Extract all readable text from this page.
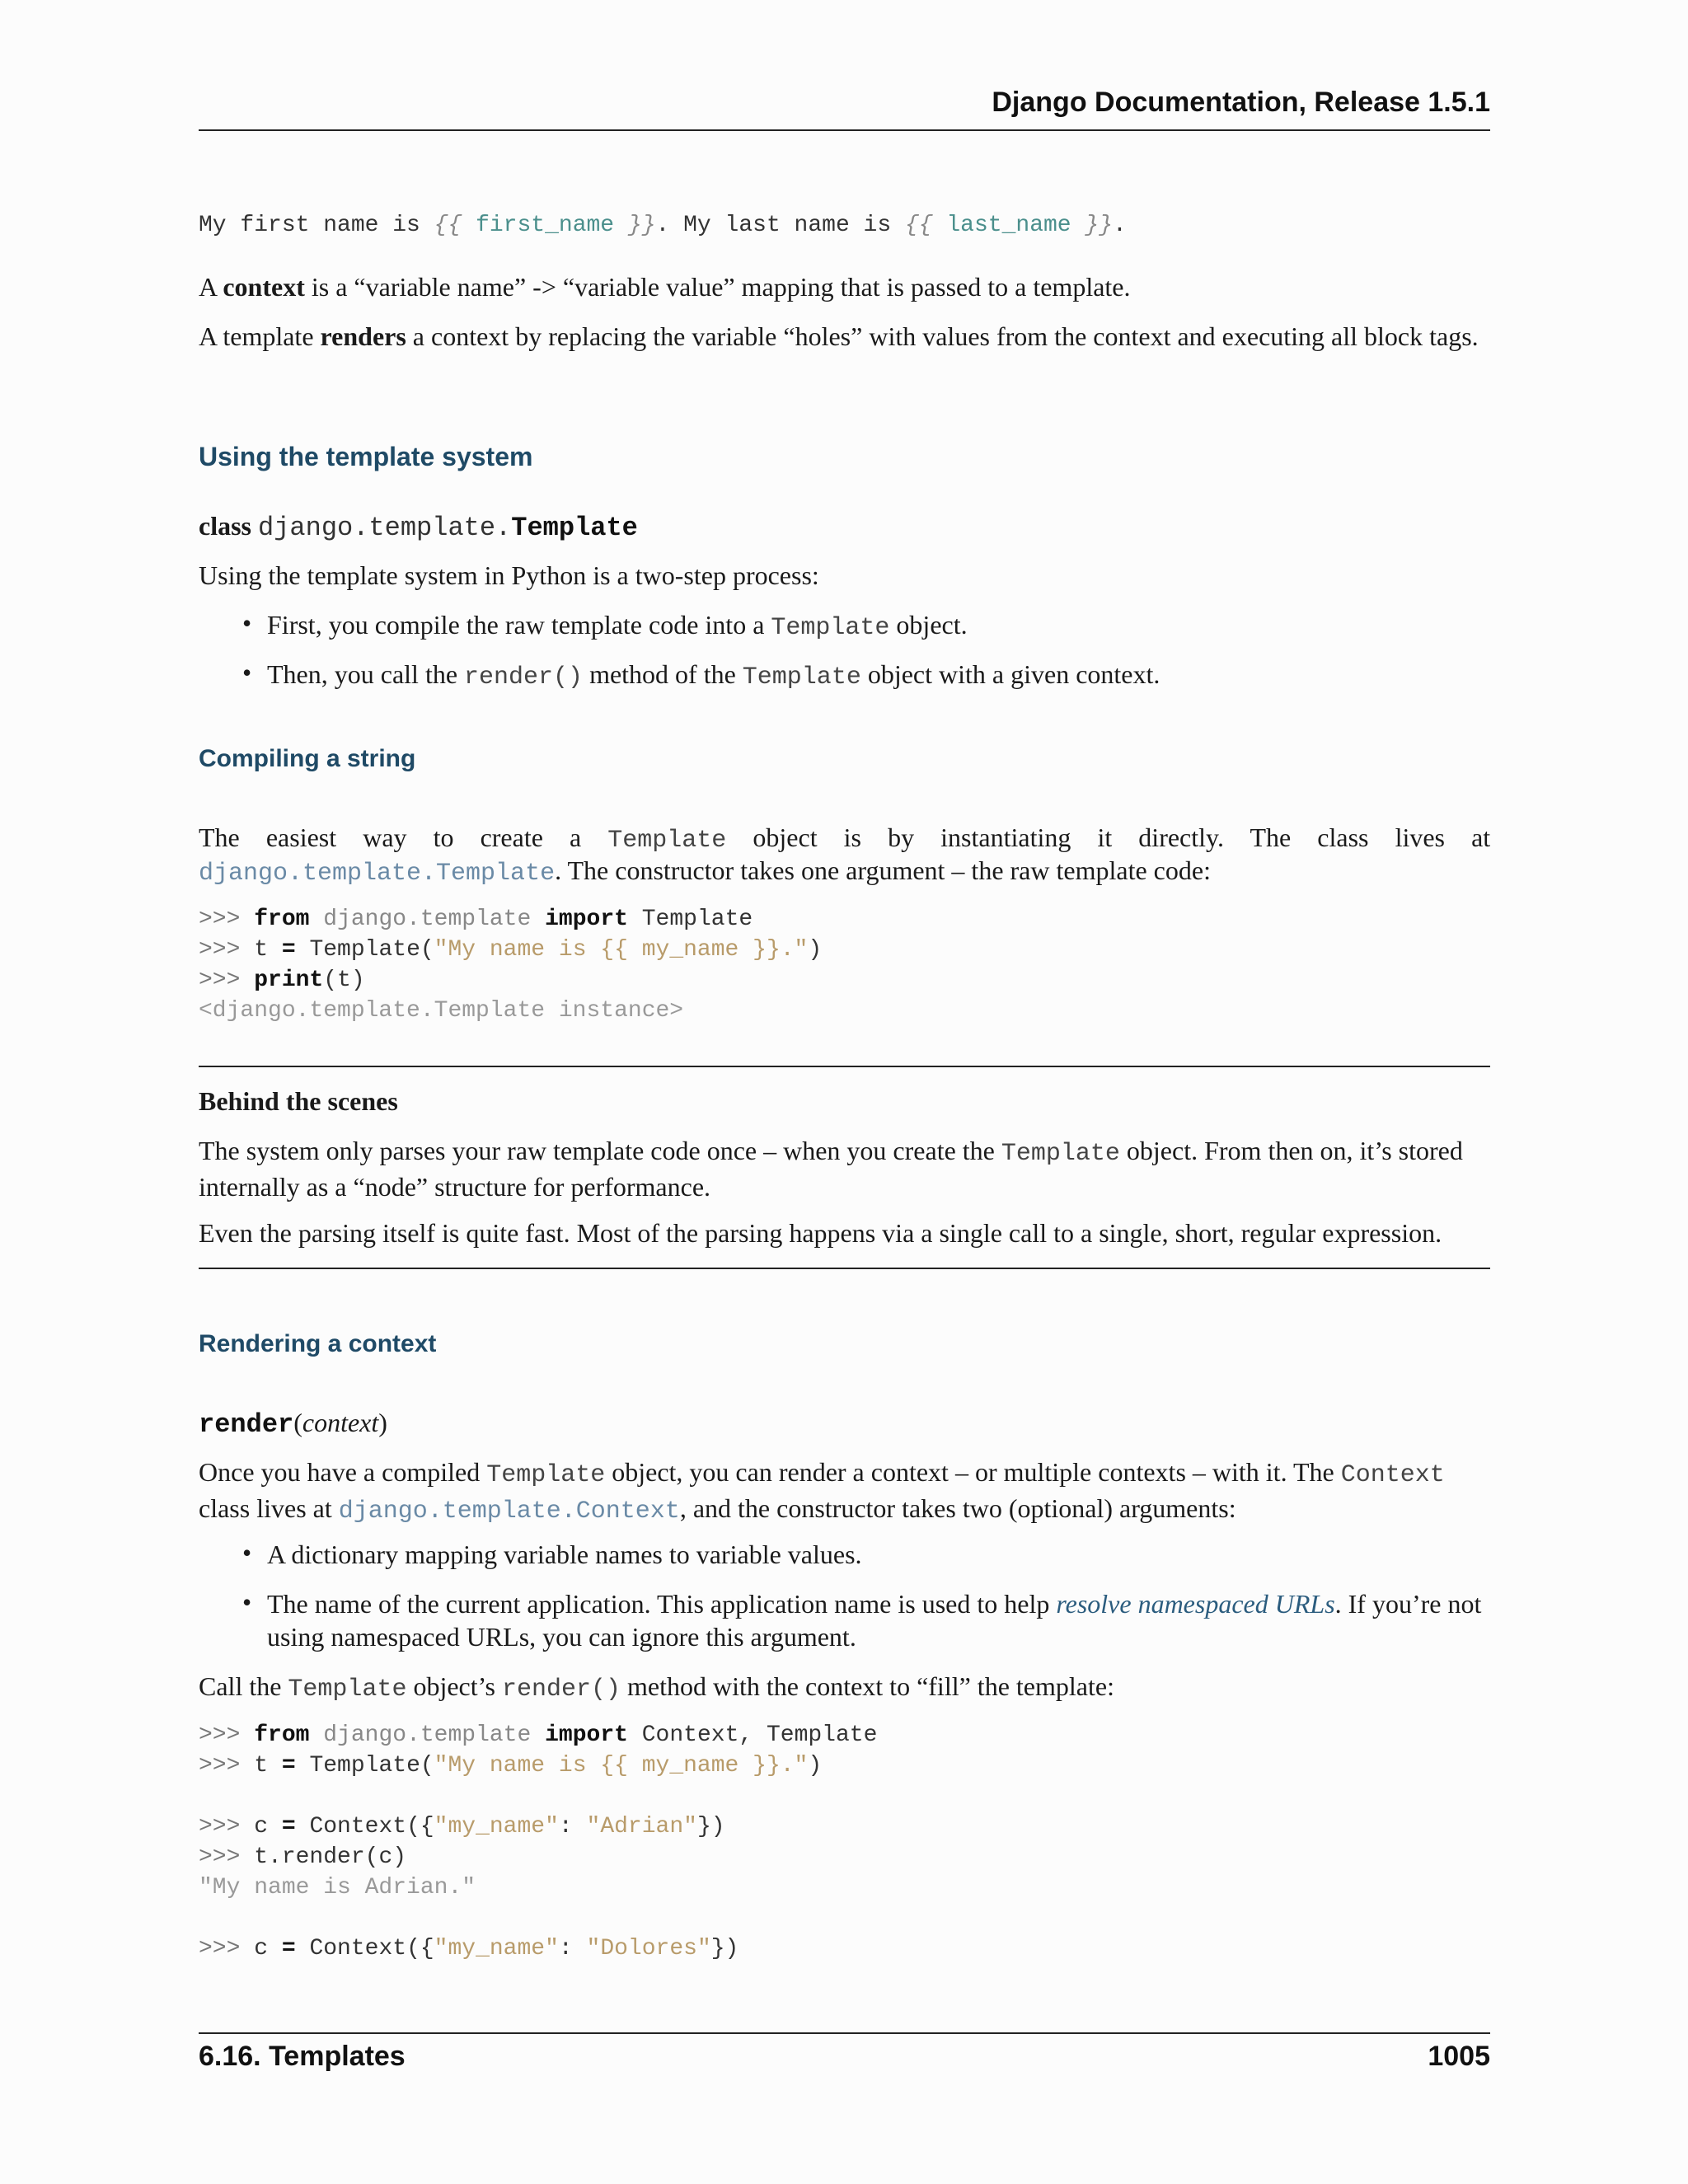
Django Documentation, Release 1.5.1
My first name is {{ first_name }}. My last name is {{ last_name }}.
A context is a “variable name” -> “variable value” mapping that is passed to a template.
A template renders a context by replacing the variable “holes” with values from the context and executing all block tags.
Using the template system
class django.template.Template
Using the template system in Python is a two-step process:
• First, you compile the raw template code into a Template object.
• Then, you call the render() method of the Template object with a given context.
Compiling a string
The easiest way to create a Template object is by instantiating it directly. The class lives at
django.template.Template. The constructor takes one argument – the raw template code:
>>> from django.template import Template
>>> t = Template("My name is {{ my_name }}.")
>>> print(t)
<django.template.Template instance>
Behind the scenes
The system only parses your raw template code once – when you create the Template object. From then on, it’s stored internally as a “node” structure for performance.
Even the parsing itself is quite fast. Most of the parsing happens via a single call to a single, short, regular expression.
Rendering a context
render(context)
Once you have a compiled Template object, you can render a context – or multiple contexts – with it. The Context class lives at django.template.Context, and the constructor takes two (optional) arguments:
• A dictionary mapping variable names to variable values.
• The name of the current application. This application name is used to help resolve namespaced URLs. If you’re not using namespaced URLs, you can ignore this argument.
Call the Template object’s render() method with the context to “fill” the template:
>>> from django.template import Context, Template
>>> t = Template("My name is {{ my_name }}.")
>>> c = Context({"my_name": "Adrian"})
>>> t.render(c)
"My name is Adrian."
>>> c = Context({"my_name": "Dolores"})
6.16. Templates	1005
